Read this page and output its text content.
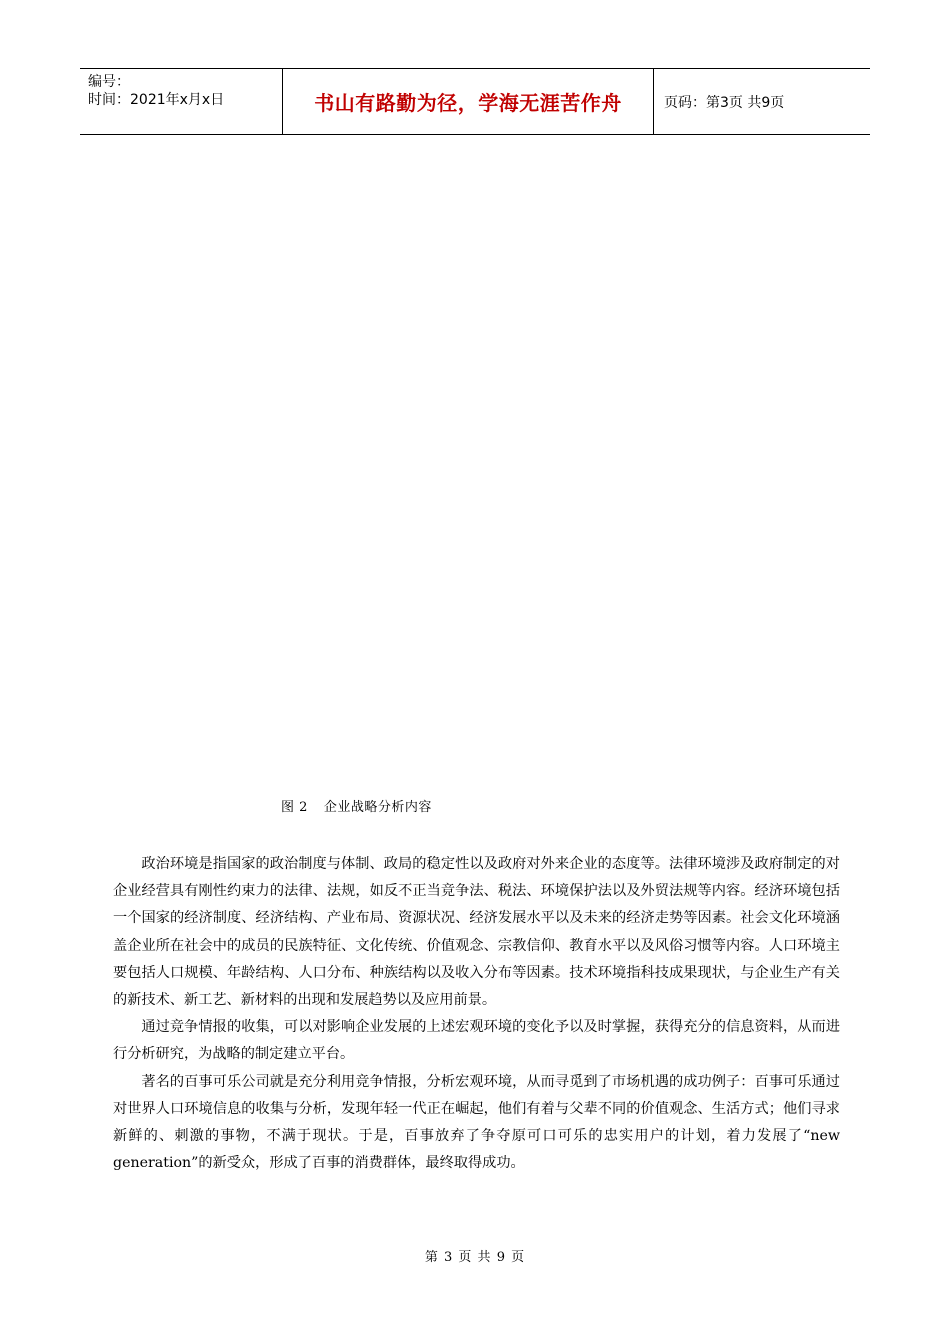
编号：
时间：2021年x月x日	书山有路勤为径，学海无涯苦作舟	页码：第3页 共9页
图 2 企业战略分析内容

政治环境是指国家的政治制度与体制、政局的稳定性以及政府对外来企业的态度等。法律环境涉及政府制定的对企业经营具有刚性约束力的法律、法规，如反不正当竞争法、税法、环境保护法以及外贸法规等内容。经济环境包括一个国家的经济制度、经济结构、产业布局、资源状况、经济发展水平以及未来的经济走势等因素。社会文化环境涵盖企业所在社会中的成员的民族特征、文化传统、价值观念、宗教信仰、教育水平以及风俗习惯等内容。人口环境主要包括人口规模、年龄结构、人口分布、种族结构以及收入分布等因素。技术环境指科技成果现状，与企业生产有关的新技术、新工艺、新材料的出现和发展趋势以及应用前景。

通过竞争情报的收集，可以对影响企业发展的上述宏观环境的变化予以及时掌握，获得充分的信息资料，从而进行分析研究，为战略的制定建立平台。

著名的百事可乐公司就是充分利用竞争情报，分析宏观环境，从而寻觅到了市场机遇的成功例子：百事可乐通过对世界人口环境信息的收集与分析，发现年轻一代正在崛起，他们有着与父辈不同的价值观念、生活方式；他们寻求新鲜的、刺激的事物，不满于现状。于是，百事放弃了争夺原可口可乐的忠实用户的计划，着力发展了“new generation”的新受众，形成了百事的消费群体，最终取得成功。

第 3 页 共 9 页
